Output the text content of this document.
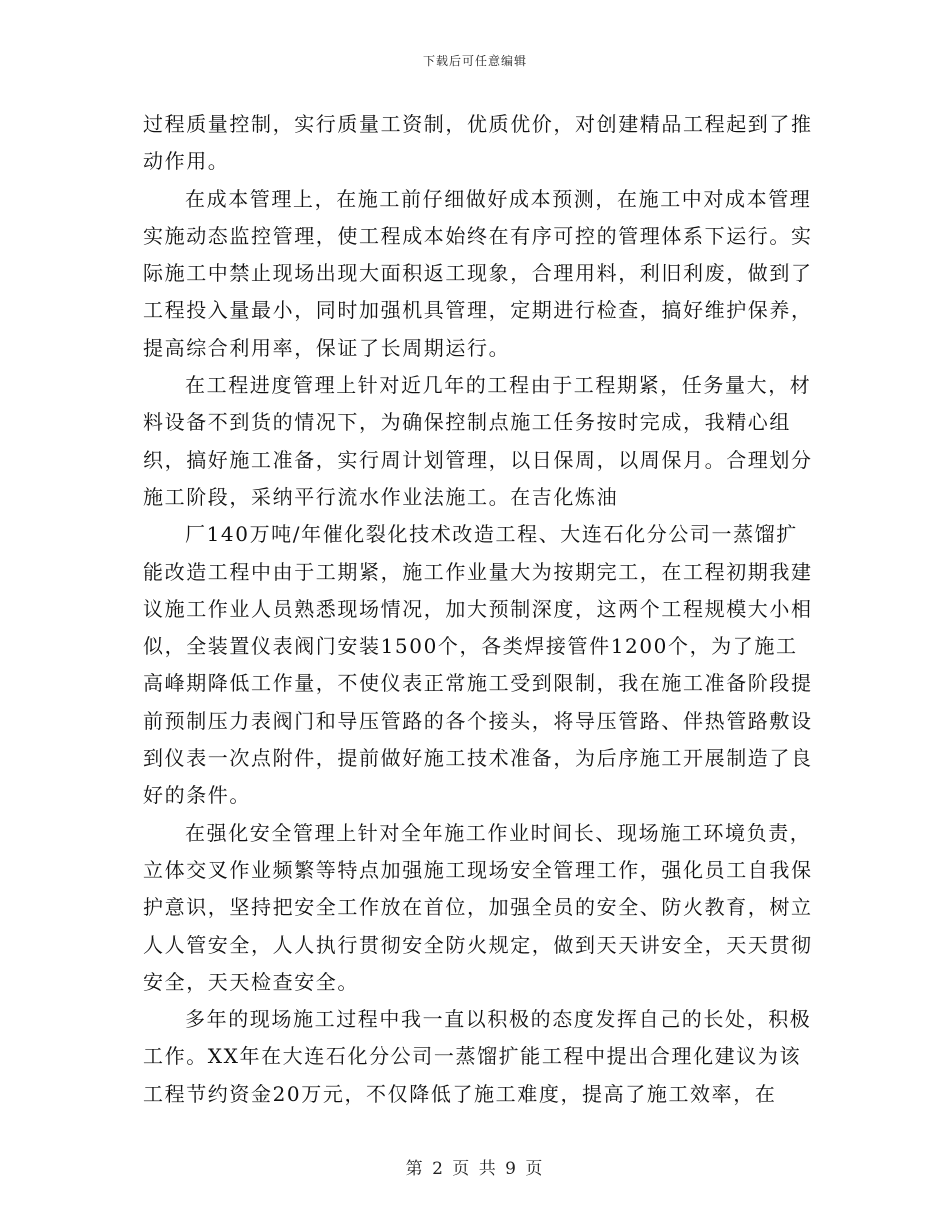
下载后可任意编辑

过程质量控制，实行质量工资制，优质优价，对创建精品工程起到了推动作用。

在成本管理上，在施工前仔细做好成本预测，在施工中对成本管理实施动态监控管理，使工程成本始终在有序可控的管理体系下运行。实际施工中禁止现场出现大面积返工现象，合理用料，利旧利废，做到了工程投入量最小，同时加强机具管理，定期进行检查，搞好维护保养，提高综合利用率，保证了长周期运行。

在工程进度管理上针对近几年的工程由于工程期紧，任务量大，材料设备不到货的情况下，为确保控制点施工任务按时完成，我精心组织，搞好施工准备，实行周计划管理，以日保周，以周保月。合理划分施工阶段，采纳平行流水作业法施工。在吉化炼油

厂140万吨/年催化裂化技术改造工程、大连石化分公司一蒸馏扩能改造工程中由于工期紧，施工作业量大为按期完工，在工程初期我建议施工作业人员熟悉现场情况，加大预制深度，这两个工程规模大小相似，全装置仪表阀门安装1500个，各类焊接管件1200个，为了施工高峰期降低工作量，不使仪表正常施工受到限制，我在施工准备阶段提前预制压力表阀门和导压管路的各个接头，将导压管路、伴热管路敷设到仪表一次点附件，提前做好施工技术准备，为后序施工开展制造了良好的条件。

在强化安全管理上针对全年施工作业时间长、现场施工环境负责，立体交叉作业频繁等特点加强施工现场安全管理工作，强化员工自我保护意识，坚持把安全工作放在首位，加强全员的安全、防火教育，树立人人管安全，人人执行贯彻安全防火规定，做到天天讲安全，天天贯彻安全，天天检查安全。

多年的现场施工过程中我一直以积极的态度发挥自己的长处，积极工作。XX年在大连石化分公司一蒸馏扩能工程中提出合理化建议为该工程节约资金20万元，不仅降低了施工难度，提高了施工效率，在

第 2 页 共 9 页
